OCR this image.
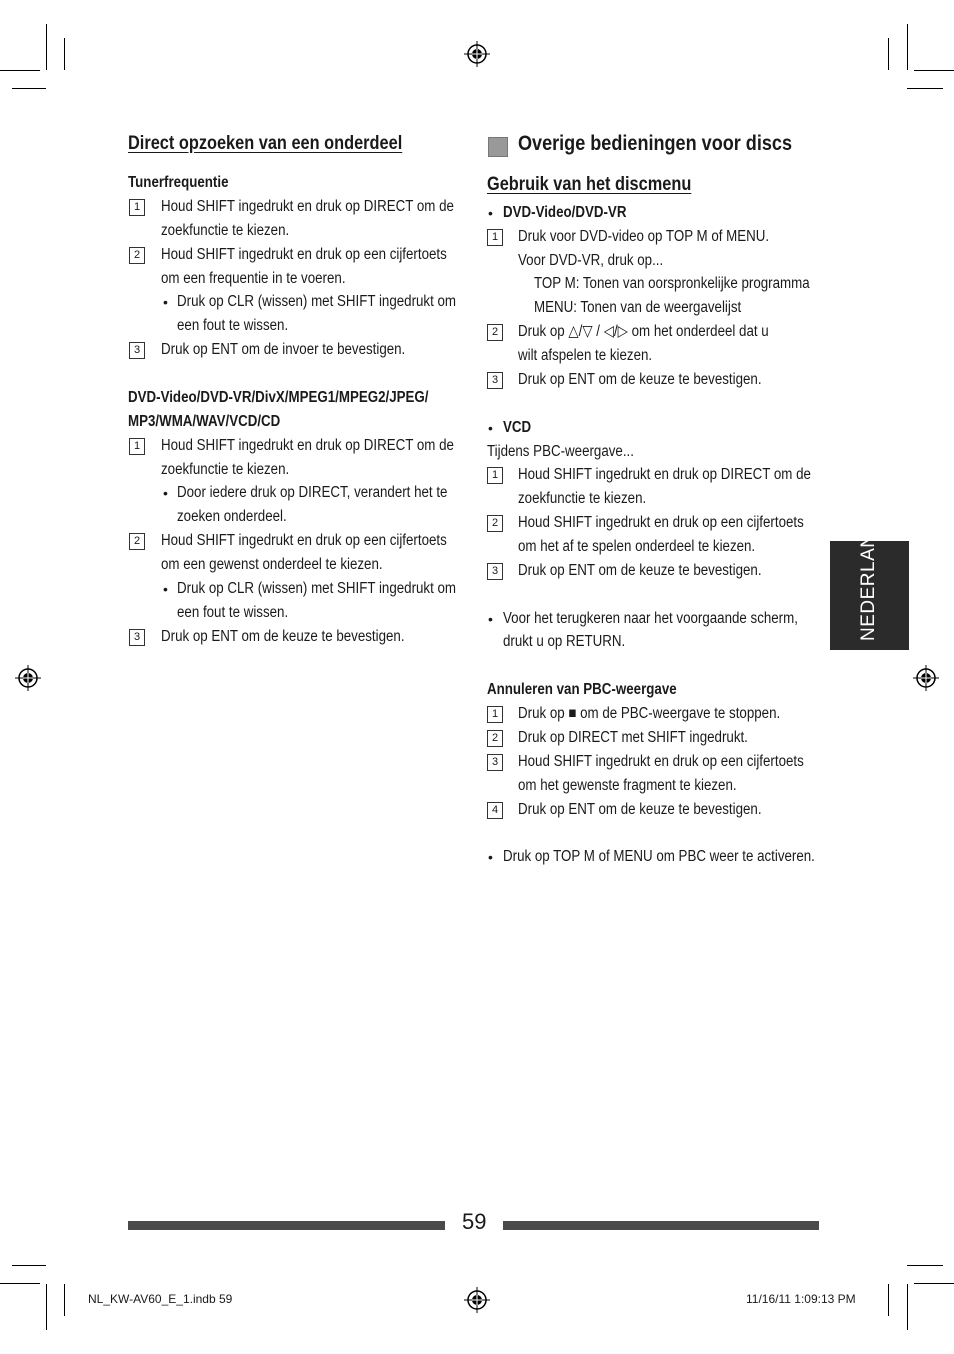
Direct opzoeken van een onderdeel
Tunerfrequentie
1	Houd SHIFT ingedrukt en druk op DIRECT om de
zoekfunctie te kiezen.
2	Houd SHIFT ingedrukt en druk op een cijfertoets
om een frequentie in te voeren.
• Druk op CLR (wissen) met SHIFT ingedrukt om
een fout te wissen.
3	Druk op ENT om de invoer te bevestigen.
DVD-Video/DVD-VR/DivX/MPEG1/MPEG2/JPEG/
MP3/WMA/WAV/VCD/CD
1	Houd SHIFT ingedrukt en druk op DIRECT om de
zoekfunctie te kiezen.
• Door iedere druk op DIRECT, verandert het te
zoeken onderdeel.
2	Houd SHIFT ingedrukt en druk op een cijfertoets
om een gewenst onderdeel te kiezen.
• Druk op CLR (wissen) met SHIFT ingedrukt om
een fout te wissen.
3	Druk op ENT om de keuze te bevestigen.
Overige bedieningen voor discs
Gebruik van het discmenu
• DVD-Video/DVD-VR
1	Druk voor DVD-video op TOP M of MENU.
Voor DVD-VR, druk op...
TOP M: Tonen van oorspronkelijke programma
MENU: Tonen van de weergavelijst
2	Druk op △/▽ / ◁/▷ om het onderdeel dat u
wilt afspelen te kiezen.
3	Druk op ENT om de keuze te bevestigen.
• VCD
Tijdens PBC-weergave...
1	Houd SHIFT ingedrukt en druk op DIRECT om de
zoekfunctie te kiezen.
2	Houd SHIFT ingedrukt en druk op een cijfertoets
om het af te spelen onderdeel te kiezen.
3	Druk op ENT om de keuze te bevestigen.
• Voor het terugkeren naar het voorgaande scherm,
drukt u op RETURN.
Annuleren van PBC-weergave
1	Druk op ■ om de PBC-weergave te stoppen.
2	Druk op DIRECT met SHIFT ingedrukt.
3	Houd SHIFT ingedrukt en druk op een cijfertoets
om het gewenste fragment te kiezen.
4	Druk op ENT om de keuze te bevestigen.
• Druk op TOP M of MENU om PBC weer te activeren.
NEDERLANDS
59
NL_KW-AV60_E_1.indb 59	11/16/11 1:09:13 PM
